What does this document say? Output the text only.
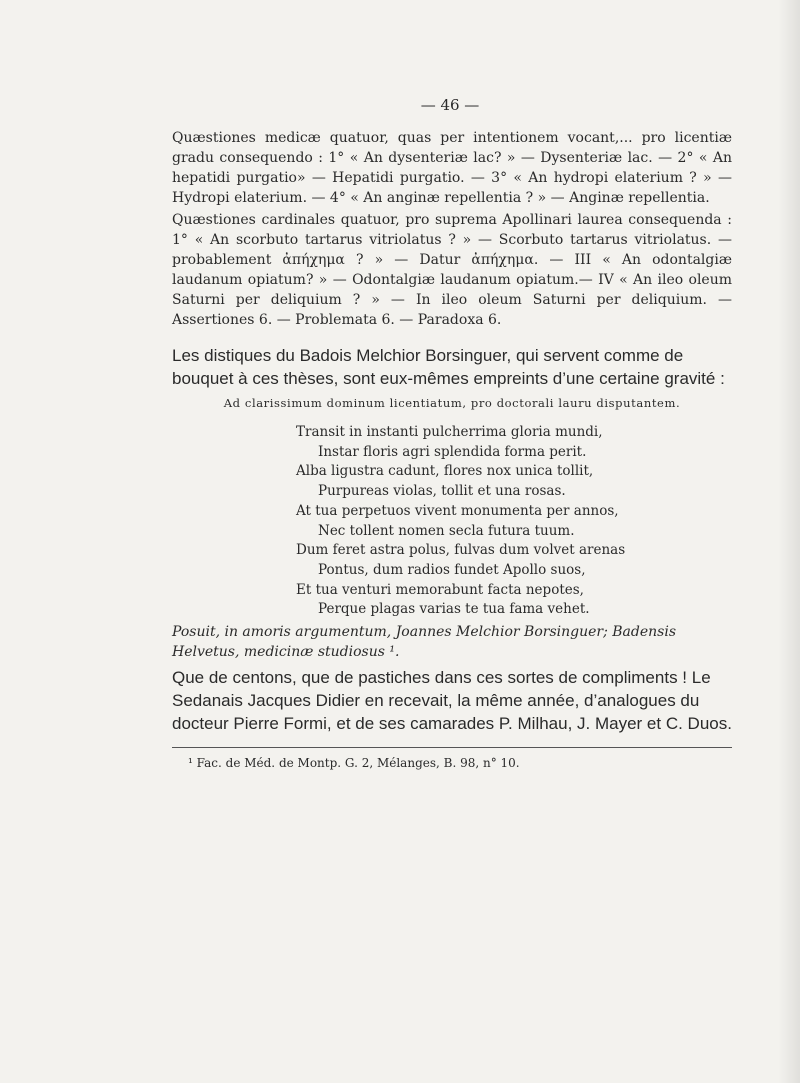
— 46 —
Quæstiones medicæ quatuor, quas per intentionem vocant,... pro licentiæ gradu consequendo : 1° « An dysenteriæ lac? » — Dysenteriæ lac. — 2° « An hepatidi purgatio» — Hepatidi purgatio. — 3° « An hydropi elaterium ? » — Hydropi elaterium. — 4° « An anginæ repellentia ? » — Anginæ repellentia.
Quæstiones cardinales quatuor, pro suprema Apollinari laurea consequenda : 1° « An scorbuto tartarus vitriolatus ? » — Scorbuto tartarus vitriolatus. — probablement ἀπήχημα ? » — Datur ἀπήχημα. — III « An odontalgiæ laudanum opiatum? » — Odontalgiæ laudanum opiatum.— IV « An ileo oleum Saturni per deliquium ? » — In ileo oleum Saturni per deliquium. — Assertiones 6. — Problemata 6. — Paradoxa 6.
Les distiques du Badois Melchior Borsinguer, qui servent comme de bouquet à ces thèses, sont eux-mêmes empreints d’une certaine gravité :
Ad clarissimum dominum licentiatum, pro doctorali lauru disputantem.
Transit in instanti pulcherrima gloria mundi,
Instar floris agri splendida forma perit.
Alba ligustra cadunt, flores nox unica tollit,
Purpureas violas, tollit et una rosas.
At tua perpetuos vivent monumenta per annos,
Nec tollent nomen secla futura tuum.
Dum feret astra polus, fulvas dum volvet arenas
Pontus, dum radios fundet Apollo suos,
Et tua venturi memorabunt facta nepotes,
Perque plagas varias te tua fama vehet.
Posuit, in amoris argumentum, Joannes Melchior Borsinguer; Badensis Helvetus, medicinæ studiosus ¹.
Que de centons, que de pastiches dans ces sortes de compliments ! Le Sedanais Jacques Didier en recevait, la même année, d’analogues du docteur Pierre Formi, et de ses camarades P. Milhau, J. Mayer et C. Duos.
¹ Fac. de Méd. de Montp. G. 2, Mélanges, B. 98, n° 10.
